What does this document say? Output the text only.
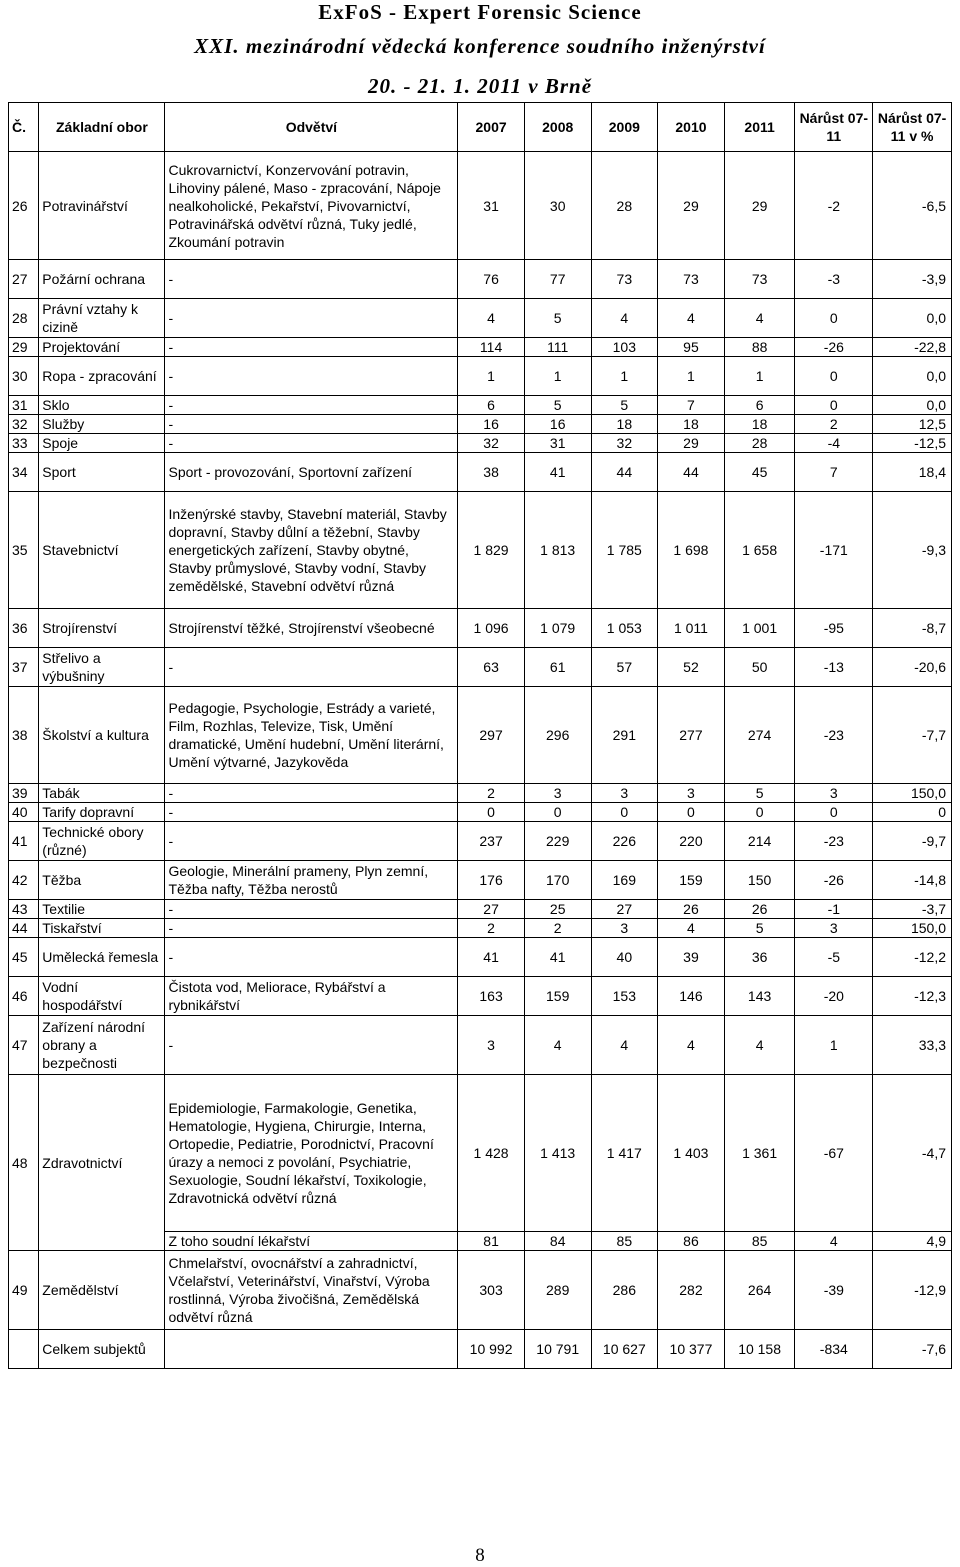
ExFoS - Expert Forensic Science
XXI. mezinárodní vědecká konference soudního inženýrství
20. - 21. 1. 2011 v Brně
Č.	Základní obor	Odvětví	2007	2008	2009	2010	2011	Nárůst 07-11	Nárůst 07-11 v %
26	Potravinářství	Cukrovarnictví, Konzervování potravin, Lihoviny pálené, Maso - zpracování, Nápoje nealkoholické, Pekařství, Pivovarnictví, Potravinářská odvětví různá, Tuky jedlé, Zkoumání potravin	31	30	28	29	29	-2	-6,5
27	Požární ochrana	-	76	77	73	73	73	-3	-3,9
28	Právní vztahy k cizině	-	4	5	4	4	4	0	0,0
29	Projektování	-	114	111	103	95	88	-26	-22,8
30	Ropa - zpracování	-	1	1	1	1	1	0	0,0
31	Sklo	-	6	5	5	7	6	0	0,0
32	Služby	-	16	16	18	18	18	2	12,5
33	Spoje	-	32	31	32	29	28	-4	-12,5
34	Sport	Sport - provozování, Sportovní zařízení	38	41	44	44	45	7	18,4
35	Stavebnictví	Inženýrské stavby, Stavební materiál, Stavby dopravní, Stavby důlní a těžební, Stavby energetických zařízení, Stavby obytné, Stavby průmyslové, Stavby vodní, Stavby zemědělské, Stavební odvětví různá	1 829	1 813	1 785	1 698	1 658	-171	-9,3
36	Strojírenství	Strojírenství těžké, Strojírenství všeobecné	1 096	1 079	1 053	1 011	1 001	-95	-8,7
37	Střelivo a výbušniny	-	63	61	57	52	50	-13	-20,6
38	Školství a kultura	Pedagogie, Psychologie, Estrády a varieté, Film, Rozhlas, Televize, Tisk, Umění dramatické, Umění hudební, Umění literární, Umění výtvarné, Jazykověda	297	296	291	277	274	-23	-7,7
39	Tabák	-	2	3	3	3	5	3	150,0
40	Tarify dopravní	-	0	0	0	0	0	0	0
41	Technické obory (různé)	-	237	229	226	220	214	-23	-9,7
42	Těžba	Geologie, Minerální prameny, Plyn zemní, Těžba nafty, Těžba nerostů	176	170	169	159	150	-26	-14,8
43	Textilie	-	27	25	27	26	26	-1	-3,7
44	Tiskařství	-	2	2	3	4	5	3	150,0
45	Umělecká řemesla	-	41	41	40	39	36	-5	-12,2
46	Vodní hospodářství	Čistota vod, Meliorace, Rybářství a rybnikářství	163	159	153	146	143	-20	-12,3
47	Zařízení národní obrany a bezpečnosti	-	3	4	4	4	4	1	33,3
48	Zdravotnictví	Epidemiologie, Farmakologie, Genetika, Hematologie, Hygiena, Chirurgie, Interna, Ortopedie, Pediatrie, Porodnictví, Pracovní úrazy a nemoci z povolání, Psychiatrie, Sexuologie, Soudní lékařství, Toxikologie, Zdravotnická odvětví různá	1 428	1 413	1 417	1 403	1 361	-67	-4,7
		Z toho soudní lékařství	81	84	85	86	85	4	4,9
49	Zemědělství	Chmelařství, ovocnářství a zahradnictví, Včelařství, Veterinářství, Vinařství, Výroba rostlinná, Výroba živočišná, Zemědělská odvětví různá	303	289	286	282	264	-39	-12,9
	Celkem subjektů		10 992	10 791	10 627	10 377	10 158	-834	-7,6
8
